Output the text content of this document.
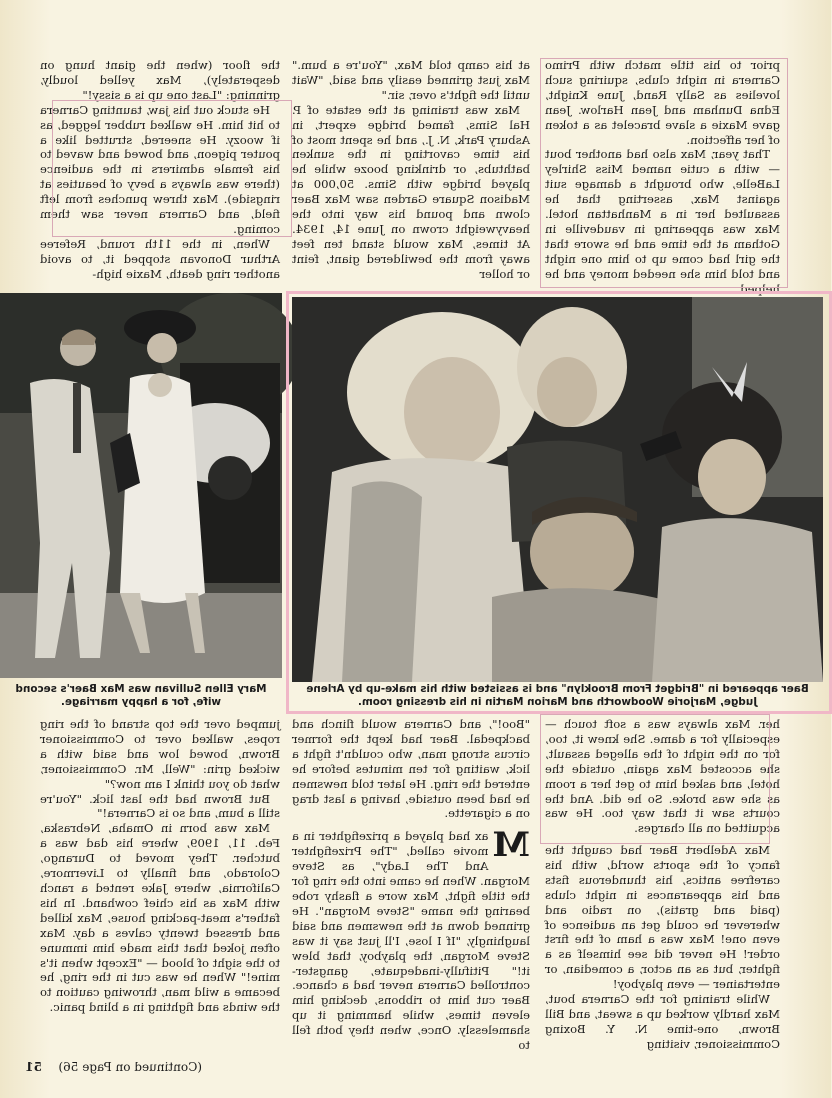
the floor (when the giant hung on desperately), Max yelled loudly, grinning: "Last one up is a sissy!"

He stuck out his jaw, taunting Carnera to hit him. He walked rubber legged, as if woozy. He sneered, strutted like a pouter pigeon, and bowed and waved to his female admirers in the audience (there was always a bevy of beauties at ringside). Max threw punches from left field, and Carnera never saw them coming.

When, in the 11th round, Referee Arthur Donovan stopped it, to avoid another ring death, Maxie high-

at his camp told Max, "You're a bum." Max just grinned easily and said, "Wait until the fight's over, sir."

Max was training at the estate of P. Hal Sims, famed bridge expert, in Asbury Park, N. J., and he spent most of his time cavorting in the sunken bathtubs, or drinking booze while he played bridge with Sims. 50,000 at Madison Square Garden saw Max Baer clown and pound his way into the heavyweight crown on June 14, 1934. At times, Max would stand ten feet away from the bewildered giant, feint or holler

prior to his title match with Primo Carnera in night clubs, squiring such lovelies as Sally Rand, June Knight, Edna Dunham and Jean Harlow. Jean gave Maxie a slave bracelet as a token of her affection.

That year, Max also had another bout — with a cutie named Miss Shirley LaBelle, who brought a damage suit against Max, asserting that he assaulted her in a Manhattan hotel. Max was appearing in vaudeville in Gotham at the time and he swore that the girl had come up to him one night and told him she needed money and he helped

Mary Ellen Sullivan was Max Baer's second wife, for a happy marriage.
Baer appeared in "Bridget From Brooklyn" and is assisted with his make-up by Arlene Judge, Marjorie Woodworth and Marion Martin in his dressing room.

jumped over the top strand of the ring ropes, walked over to Commissioner Brown, bowed low and said with a wicked grin: "Well, Mr. Commissioner, what do you think I am now?"

But Brown had the last lick. "You're still a bum, and so is Carnera!"

Max was born in Omaha, Nebraska, Feb. 11, 1909, where his dad was a butcher. They moved to Durango, Colorado, and finally to Livermore, California, where Jake rented a ranch with Max as his chief cowhand. In his father's meat-packing house, Max killed and dressed twenty calves a day. Max often joked that this made him immune to the sight of blood — "Except when it's mine!" When he was cut in the ring, he became a wild man, throwing caution to the winds and fighting in a blind panic.

"Boo!", and Carnera would flinch and backpedal. Baer had kept the former circus strong man, who couldn't fight a lick, waiting for ten minutes before he entered the ring. He later told newsmen he had been outside, having a last drag on a cigarette.

M
ax had played a prizefighter in a movie called, "The Prizefighter And The Lady", as Steve Morgan. When he came into the ring for the title fight, Max wore a flashy robe bearing the name "Steve Morgan". He grinned down at the newsmen and said laughingly, "If I lose, I'll just say it was Steve Morgan, the playboy, that blew it!" Pitifully-inadequate, gangster-controlled Carnera never had a chance. Baer cut him to ribbons, decking him eleven times, while hamming it up shamelessly. Once, when they both fell to

her. Max always was a soft touch — especially for a dame. She knew it, too, for on the night of the alleged assault, she accosted Max again, outside the hotel, and asked him to get her a room as she was broke. So he did. And the courts saw it that way too. He was acquitted on all charges.

Max Adelbert Baer had caught the fancy of the sports world, with his carefree antics, his thunderous fists and his appearances in night clubs (paid and gratis), on radio and wherever he could get an audience of even one! Max was a ham of the first order! He never did see himself as a fighter, but as an actor, a comedian, or entertainer — even playboy!

While training for the Carnera bout, Max hardly worked up a sweat, and Bill Brown, one-time N. Y. Boxing Commissioner, visiting

(Continued on Page 56)
51
